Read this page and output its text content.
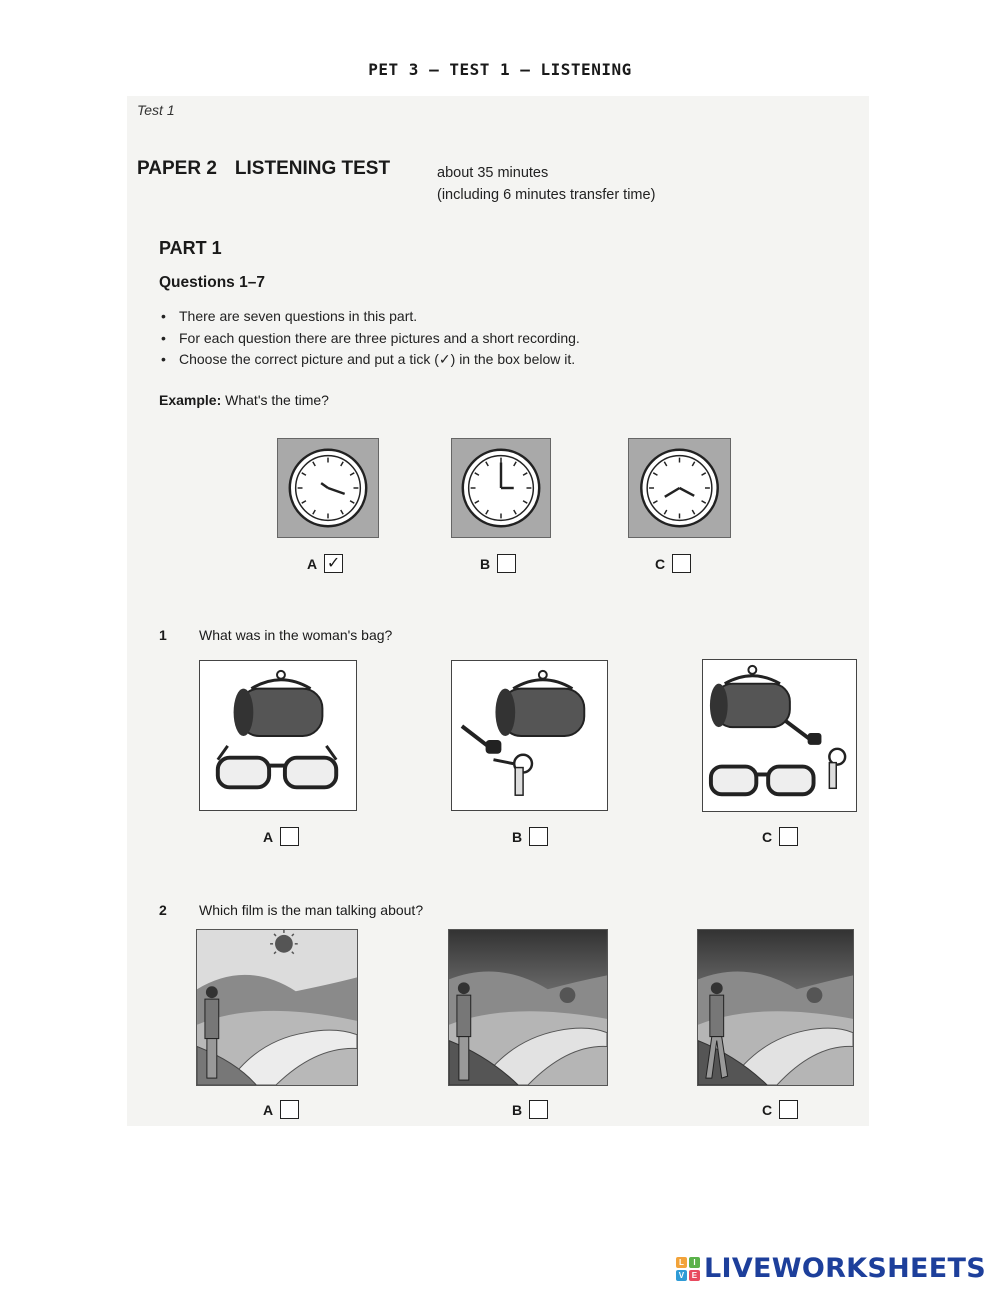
PET 3 – TEST 1 – LISTENING
Test 1
PAPER 2 LISTENING TEST	about 35 minutes
(including 6 minutes transfer time)
PART 1
Questions 1–7
• There are seven questions in this part.
• For each question there are three pictures and a short recording.
• Choose the correct picture and put a tick (✓) in the box below it.
Example: What's the time?
A ✓	B	C
1 What was in the woman's bag?
A	B	C
2 Which film is the man talking about?
A	B	C
L	I
V E LIVEWORKSHEETS
